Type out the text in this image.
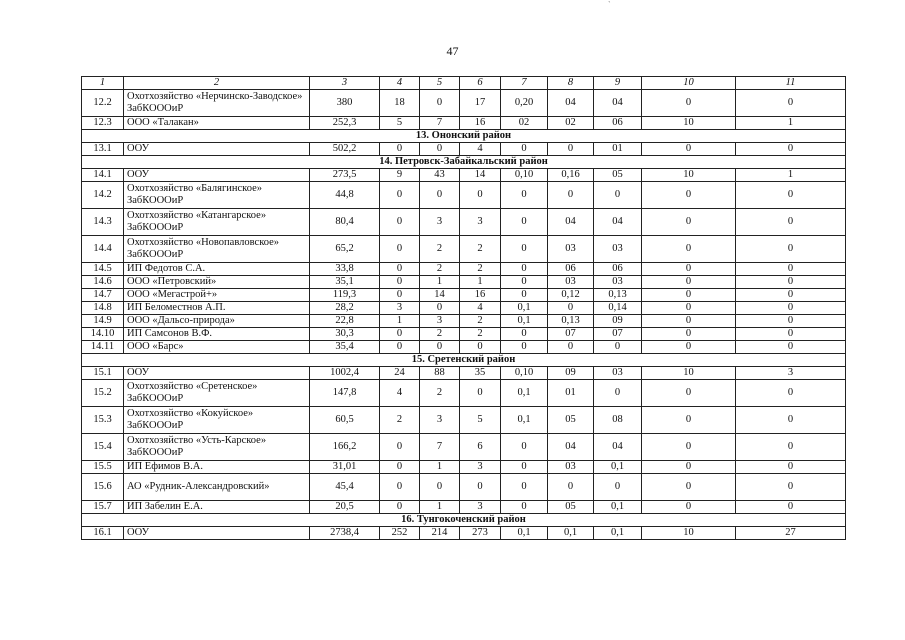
`
47
1	2	3	4	5	6	7	8	9	10	11
12.2	Охотхозяйство «Нерчинско-Заводское» ЗабКОООиР	380	18	0	17	0,20	04	04	0	0
12.3	ООО «Талакан»	252,3	5	7	16	02	02	06	10	1
13. Ононский район										
13.1	ООУ	502,2	0	0	4	0	0	01	0	0
14. Петровск-Забайкальский район										
14.1	ООУ	273,5	9	43	14	0,10	0,16	05	10	1
14.2	Охотхозяйство «Балягинское» ЗабКОООиР	44,8	0	0	0	0	0	0	0	0
14.3	Охотхозяйство «Катангарское» ЗабКОООиР	80,4	0	3	3	0	04	04	0	0
14.4	Охотхозяйство «Новопавловское» ЗабКОООиР	65,2	0	2	2	0	03	03	0	0
14.5	ИП Федотов С.А.	33,8	0	2	2	0	06	06	0	0
14.6	ООО «Петровский»	35,1	0	1	1	0	03	03	0	0
14.7	ООО «Мегастрой+»	119,3	0	14	16	0	0,12	0,13	0	0
14.8	ИП Беломестнов А.П.	28,2	3	0	4	0,1	0	0,14	0	0
14.9	ООО «Дальсо-природа»	22,8	1	3	2	0,1	0,13	09	0	0
14.10	ИП Самсонов В.Ф.	30,3	0	2	2	0	07	07	0	0
14.11	ООО «Барс»	35,4	0	0	0	0	0	0	0	0
15. Сретенский район										
15.1	ООУ	1002,4	24	88	35	0,10	09	03	10	3
15.2	Охотхозяйство «Сретенское» ЗабКОООиР	147,8	4	2	0	0,1	01	0	0	0
15.3	Охотхозяйство «Кокуйское» ЗабКОООиР	60,5	2	3	5	0,1	05	08	0	0
15.4	Охотхозяйство «Усть-Карское» ЗабКОООиР	166,2	0	7	6	0	04	04	0	0
15.5	ИП Ефимов В.А.	31,01	0	1	3	0	03	0,1	0	0
15.6	АО «Рудник-Александровский»	45,4	0	0	0	0	0	0	0	0
15.7	ИП Забелин Е.А.	20,5	0	1	3	0	05	0,1	0	0
16. Тунгокоченский район										
16.1	ООУ	2738,4	252	214	273	0,1	0,1	0,1	10	27
